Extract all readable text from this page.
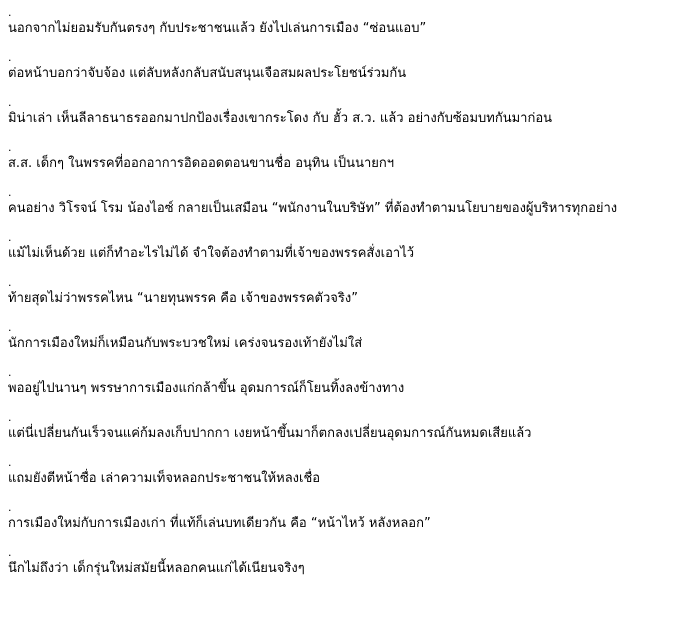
.
นอกจากไม่ยอมรับกันตรงๆ กับประชาชนแล้ว ยังไปเล่นการเมือง “ซ่อนแอบ”
.
ต่อหน้าบอกว่าจับจ้อง แต่ลับหลังกลับสนับสนุนเจือสมผลประโยชน์ร่วมกัน
.
มิน่าเล่า เห็นลีลาธนาธรออกมาปกป้องเรื่องเขากระโดง กับ ฮั้ว ส.ว. แล้ว อย่างกับซ้อมบทกันมาก่อน
.
ส.ส. เด็กๆ ในพรรคที่ออกอาการอิดออดตอนขานชื่อ อนุทิน เป็นนายกฯ
.
คนอย่าง วิโรจน์ โรม น้องไอซ์ กลายเป็นเสมือน “พนักงานในบริษัท” ที่ต้องทำตามนโยบายของผู้บริหารทุกอย่าง
.
แม้ไม่เห็นด้วย แต่ก็ทำอะไรไม่ได้ จำใจต้องทำตามที่เจ้าของพรรคสั่งเอาไว้
.
ท้ายสุดไม่ว่าพรรคไหน “นายทุนพรรค คือ เจ้าของพรรคตัวจริง”
.
นักการเมืองใหม่ก็เหมือนกับพระบวชใหม่ เคร่งจนรองเท้ายังไม่ใส่
.
พออยู่ไปนานๆ พรรษาการเมืองแก่กล้าขึ้น อุดมการณ์ก็โยนทิ้งลงข้างทาง
.
แต่นี่เปลี่ยนกันเร็วจนแค่ก้มลงเก็บปากกา เงยหน้าขึ้นมาก็ตกลงเปลี่ยนอุดมการณ์กันหมดเสียแล้ว
.
แถมยังตีหน้าซื่อ เล่าความเท็จหลอกประชาชนให้หลงเชื่อ
.
การเมืองใหม่กับการเมืองเก่า ที่แท้ก็เล่นบทเดียวกัน คือ “หน้าไหว้ หลังหลอก”
.
นึกไม่ถึงว่า เด็กรุ่นใหม่สมัยนี้หลอกคนแก่ได้เนียนจริงๆ
